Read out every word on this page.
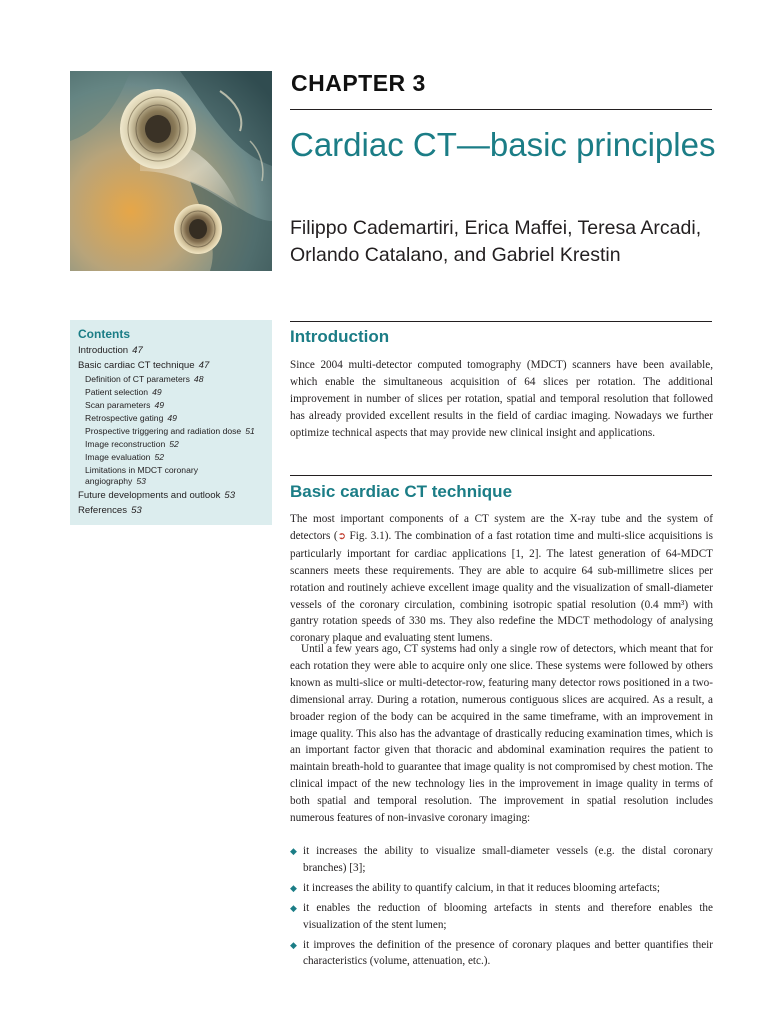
CHAPTER 3
Cardiac CT—basic principles
Filippo Cademartiri, Erica Maffei, Teresa Arcadi, Orlando Catalano, and Gabriel Krestin
Contents
Introduction 47
Basic cardiac CT technique 47
Definition of CT parameters 48
Patient selection 49
Scan parameters 49
Retrospective gating 49
Prospective triggering and radiation dose 51
Image reconstruction 52
Image evaluation 52
Limitations in MDCT coronary
angiography 53
Future developments and outlook 53
References 53
Introduction

Since 2004 multi-detector computed tomography (MDCT) scanners have been available, which enable the simultaneous acquisition of 64 slices per rotation. The additional improvement in number of slices per rotation, spatial and temporal resolution that followed has already provided excellent results in the field of cardiac imaging. Nowadays we further optimize technical aspects that may provide new clinical insight and applications.

Basic cardiac CT technique

The most important components of a CT system are the X-ray tube and the system of detectors (➲ Fig. 3.1). The combination of a fast rotation time and multi-slice acquisitions is particularly important for cardiac applications [1, 2]. The latest generation of 64-MDCT scanners meets these requirements. They are able to acquire 64 sub-millimetre slices per rotation and routinely achieve excellent image quality and the visualization of small-diameter vessels of the coronary circulation, combining isotropic spatial resolution (0.4 mm³) with gantry rotation speeds of 330 ms. They also redefine the MDCT methodology of analysing coronary plaque and evaluating stent lumens.

Until a few years ago, CT systems had only a single row of detectors, which meant that for each rotation they were able to acquire only one slice. These systems were followed by others known as multi-slice or multi-detector-row, featuring many detector rows positioned in a two-dimensional array. During a rotation, numerous contiguous slices are acquired. As a result, a broader region of the body can be acquired in the same timeframe, with an improvement in image quality. This also has the advantage of drastically reducing examination times, which is an important factor given that thoracic and abdominal examination requires the patient to maintain breath-hold to guarantee that image quality is not compromised by chest motion. The clinical impact of the new technology lies in the improvement in image quality in terms of both spatial and temporal resolution. The improvement in spatial resolution includes numerous features of non-invasive coronary imaging:

◆ it increases the ability to visualize small-diameter vessels (e.g. the distal coronary branches) [3];
◆ it increases the ability to quantify calcium, in that it reduces blooming artefacts;
◆ it enables the reduction of blooming artefacts in stents and therefore enables the visualization of the stent lumen;
◆ it improves the definition of the presence of coronary plaques and better quantifies their characteristics (volume, attenuation, etc.).
